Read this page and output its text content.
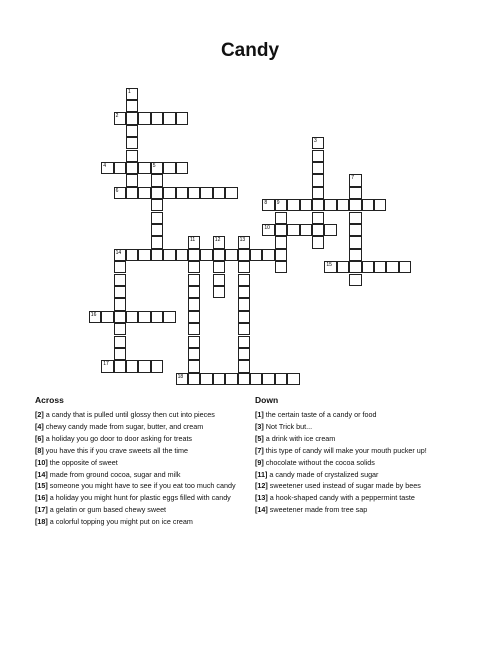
Candy
2
4	5
6
8 9
10
14
15
16
17
18
1
3
7
11	12	13
Across	Down
[2] a candy that is pulled until glossy then cut into pieces
[4] chewy candy made from sugar, butter, and cream
[6] a holiday you go door to door asking for treats
[8] you have this if you crave sweets all the time
[10] the opposite of sweet
[14] made from ground cocoa, sugar and milk
[15] someone you might have to see if you eat too much candy
[16] a holiday you might hunt for plastic eggs filled with candy
[17] a gelatin or gum based chewy sweet
[18] a colorful topping you might put on ice cream
[1] the certain taste of a candy or food
[3] Not Trick but...
[5] a drink with ice cream
[7] this type of candy will make your mouth pucker up!
[9] chocolate without the cocoa solids
[11] a candy made of crystalized sugar
[12] sweetener used instead of sugar made by bees
[13] a hook-shaped candy with a peppermint taste
[14] sweetener made from tree sap
